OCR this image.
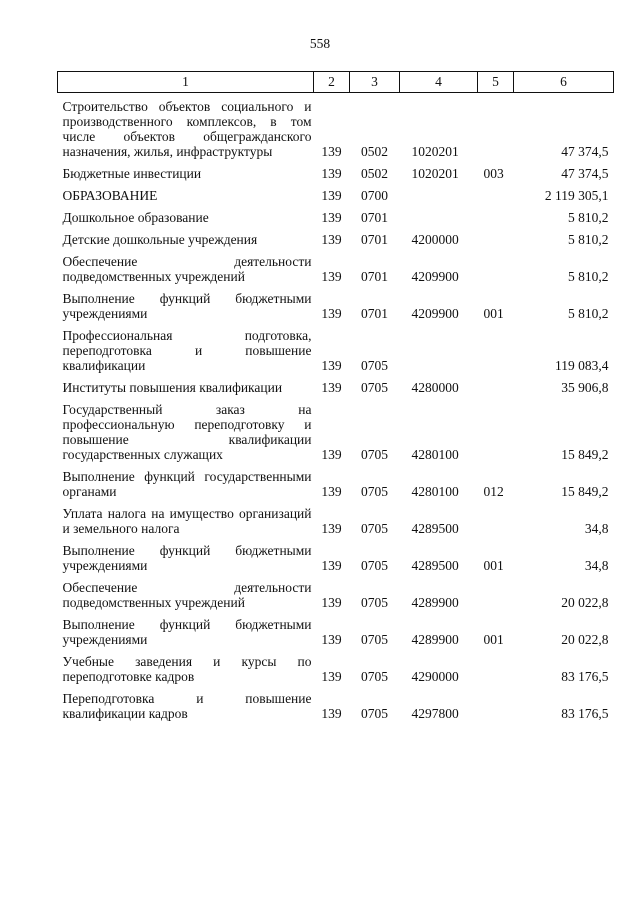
558
1	2	3	4	5	6
Строительство объектов социального и производственного комплексов, в том числе объектов общегражданского назначения, жилья, инфраструктуры	139	0502	1020201		47 374,5
Бюджетные инвестиции	139	0502	1020201	003	47 374,5
ОБРАЗОВАНИЕ	139	0700			2 119 305,1
Дошкольное образование	139	0701			5 810,2
Детские дошкольные учреждения	139	0701	4200000		5 810,2
Обеспечение деятельности подведомственных учреждений	139	0701	4209900		5 810,2
Выполнение функций бюджетными учреждениями	139	0701	4209900	001	5 810,2
Профессиональная подготовка, переподготовка и повышение квалификации	139	0705			119 083,4
Институты повышения квалификации	139	0705	4280000		35 906,8
Государственный заказ на профессиональную переподготовку и повышение квалификации государственных служащих	139	0705	4280100		15 849,2
Выполнение функций государственными органами	139	0705	4280100	012	15 849,2
Уплата налога на имущество организаций и земельного налога	139	0705	4289500		34,8
Выполнение функций бюджетными учреждениями	139	0705	4289500	001	34,8
Обеспечение деятельности подведомственных учреждений	139	0705	4289900		20 022,8
Выполнение функций бюджетными учреждениями	139	0705	4289900	001	20 022,8
Учебные заведения и курсы по переподготовке кадров	139	0705	4290000		83 176,5
Переподготовка и повышение квалификации кадров	139	0705	4297800		83 176,5
